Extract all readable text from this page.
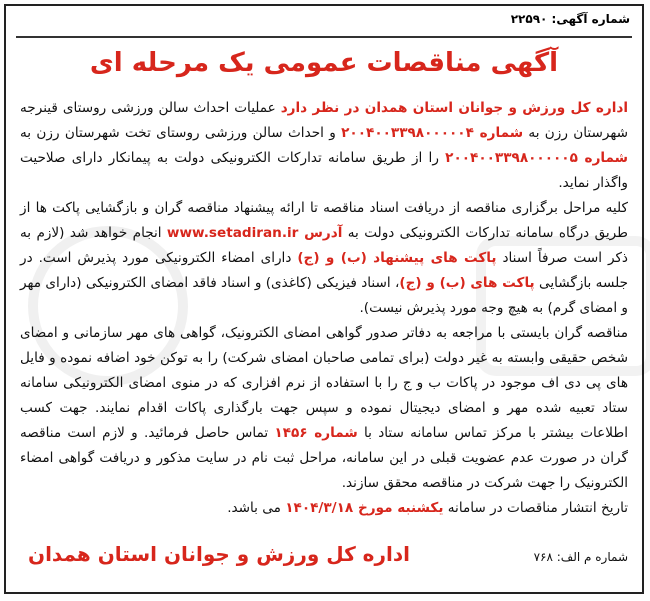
شماره آگهی: ۲۲۵۹۰
آگهی مناقصات عمومی یک مرحله ای

اداره کل ورزش و جوانان استان همدان در نظر دارد عملیات احداث سالن ورزشی روستای قینرجه شهرستان رزن به شماره ۲۰۰۴۰۰۳۳۹۸۰۰۰۰۰۴ و احداث سالن ورزشی روستای تخت شهرستان رزن به شماره ۲۰۰۴۰۰۳۳۹۸۰۰۰۰۰۵ را از طریق سامانه تدارکات الکترونیکی دولت به پیمانکار دارای صلاحیت واگذار نماید.

کلیه مراحل برگزاری مناقصه از دریافت اسناد مناقصه تا ارائه پیشنهاد مناقصه گران و بازگشایی پاکت ها از طریق درگاه سامانه تدارکات الکترونیکی دولت به آدرس www.setadiran.ir انجام خواهد شد (لازم به ذکر است صرفاً اسناد پاکت های پیشنهاد (ب) و (ج) دارای امضاء الکترونیکی مورد پذیرش است. در جلسه بازگشایی پاکت های (ب) و (ج)، اسناد فیزیکی (کاغذی) و اسناد فاقد امضای الکترونیکی (دارای مهر و امضای گرم) به هیچ وجه مورد پذیرش نیست).

مناقصه گران بایستی با مراجعه به دفاتر صدور گواهی امضای الکترونیک، گواهی های مهر سازمانی و امضای شخص حقیقی وابسته به غیر دولت (برای تمامی صاحبان امضای شرکت) را به توکن خود اضافه نموده و فایل های پی دی اف موجود در پاکات ب و ج را با استفاده از نرم افزاری که در منوی امضای الکترونیکی سامانه ستاد تعبیه شده مهر و امضای دیجیتال نموده و سپس جهت بارگذاری پاکات اقدام نمایند. جهت کسب اطلاعات بیشتر با مرکز تماس سامانه ستاد با شماره ۱۴۵۶ تماس حاصل فرمائید. و لازم است مناقصه گران در صورت عدم عضویت قبلی در این سامانه، مراحل ثبت نام در سایت مذکور و دریافت گواهی امضاء الکترونیک را جهت شرکت در مناقصه محقق سازند.

تاریخ انتشار مناقصات در سامانه یکشنبه مورخ ۱۴۰۴/۳/۱۸ می باشد.

شماره م الف: ۷۶۸
اداره کل ورزش و جوانان استان همدان
